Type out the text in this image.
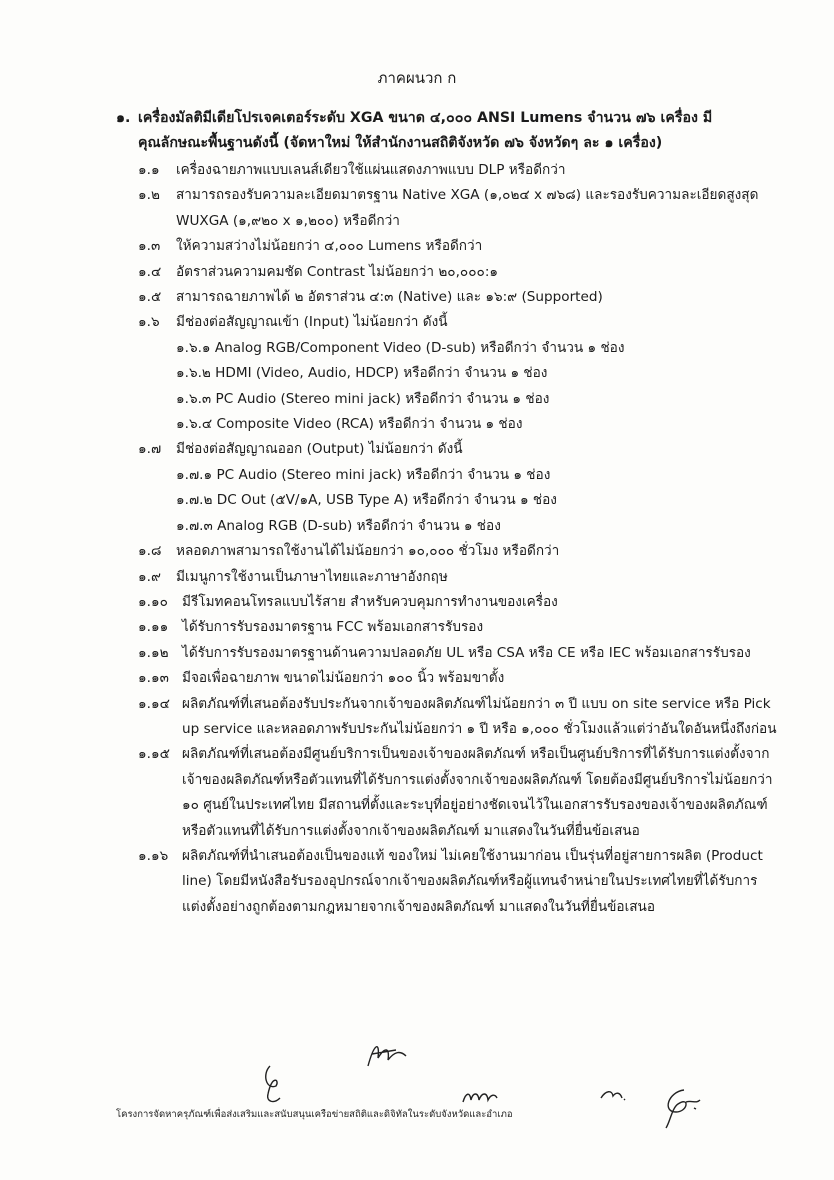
ภาคผนวก ก
๑. เครื่องมัลติมีเดียโปรเจคเตอร์ระดับ XGA ขนาด ๔,๐๐๐ ANSI Lumens จำนวน ๗๖ เครื่อง มีคุณลักษณะพื้นฐานดังนี้ (จัดหาใหม่ ให้สำนักงานสถิติจังหวัด ๗๖ จังหวัดๆ ละ ๑ เครื่อง)
๑.๑ เครื่องฉายภาพแบบเลนส์เดียวใช้แผ่นแสดงภาพแบบ DLP หรือดีกว่า
๑.๒ สามารถรองรับความละเอียดมาตรฐาน Native XGA (๑,๐๒๔ x ๗๖๘) และรองรับความละเอียดสูงสุด WUXGA (๑,๙๒๐ x ๑,๒๐๐) หรือดีกว่า
๑.๓ ให้ความสว่างไม่น้อยกว่า ๔,๐๐๐ Lumens หรือดีกว่า
๑.๔ อัตราส่วนความคมชัด Contrast ไม่น้อยกว่า ๒๐,๐๐๐:๑
๑.๕ สามารถฉายภาพได้ ๒ อัตราส่วน ๔:๓ (Native) และ ๑๖:๙ (Supported)
๑.๖ มีช่องต่อสัญญาณเข้า (Input) ไม่น้อยกว่า ดังนี้
๑.๖.๑ Analog RGB/Component Video (D-sub) หรือดีกว่า จำนวน ๑ ช่อง
๑.๖.๒ HDMI (Video, Audio, HDCP) หรือดีกว่า จำนวน ๑ ช่อง
๑.๖.๓ PC Audio (Stereo mini jack) หรือดีกว่า จำนวน ๑ ช่อง
๑.๖.๔ Composite Video (RCA) หรือดีกว่า จำนวน ๑ ช่อง
๑.๗ มีช่องต่อสัญญาณออก (Output) ไม่น้อยกว่า ดังนี้
๑.๗.๑ PC Audio (Stereo mini jack) หรือดีกว่า จำนวน ๑ ช่อง
๑.๗.๒ DC Out (๕V/๑A, USB Type A) หรือดีกว่า จำนวน ๑ ช่อง
๑.๗.๓ Analog RGB (D-sub) หรือดีกว่า จำนวน ๑ ช่อง
๑.๘ หลอดภาพสามารถใช้งานได้ไม่น้อยกว่า ๑๐,๐๐๐ ชั่วโมง หรือดีกว่า
๑.๙ มีเมนูการใช้งานเป็นภาษาไทยและภาษาอังกฤษ
๑.๑๐ มีรีโมทคอนโทรลแบบไร้สาย สำหรับควบคุมการทำงานของเครื่อง
๑.๑๑ ได้รับการรับรองมาตรฐาน FCC พร้อมเอกสารรับรอง
๑.๑๒ ได้รับการรับรองมาตรฐานด้านความปลอดภัย UL หรือ CSA หรือ CE หรือ IEC พร้อมเอกสารรับรอง
๑.๑๓ มีจอเพื่อฉายภาพ ขนาดไม่น้อยกว่า ๑๐๐ นิ้ว พร้อมขาตั้ง
๑.๑๔ ผลิตภัณฑ์ที่เสนอต้องรับประกันจากเจ้าของผลิตภัณฑ์ไม่น้อยกว่า ๓ ปี แบบ on site service หรือ Pick up service และหลอดภาพรับประกันไม่น้อยกว่า ๑ ปี หรือ ๑,๐๐๐ ชั่วโมงแล้วแต่ว่าอันใดอันหนึ่งถึงก่อน
๑.๑๕ ผลิตภัณฑ์ที่เสนอต้องมีศูนย์บริการเป็นของเจ้าของผลิตภัณฑ์ หรือเป็นศูนย์บริการที่ได้รับการแต่งตั้งจากเจ้าของผลิตภัณฑ์หรือตัวแทนที่ได้รับการแต่งตั้งจากเจ้าของผลิตภัณฑ์ โดยต้องมีศูนย์บริการไม่น้อยกว่า ๑๐ ศูนย์ในประเทศไทย มีสถานที่ตั้งและระบุที่อยู่อย่างชัดเจนไว้ในเอกสารรับรองของเจ้าของผลิตภัณฑ์หรือตัวแทนที่ได้รับการแต่งตั้งจากเจ้าของผลิตภัณฑ์ มาแสดงในวันที่ยื่นข้อเสนอ
๑.๑๖ ผลิตภัณฑ์ที่นำเสนอต้องเป็นของแท้ ของใหม่ ไม่เคยใช้งานมาก่อน เป็นรุ่นที่อยู่สายการผลิต (Product line) โดยมีหนังสือรับรองอุปกรณ์จากเจ้าของผลิตภัณฑ์หรือผู้แทนจำหน่ายในประเทศไทยที่ได้รับการแต่งตั้งอย่างถูกต้องตามกฎหมายจากเจ้าของผลิตภัณฑ์ มาแสดงในวันที่ยื่นข้อเสนอ
โครงการจัดหาครุภัณฑ์เพื่อส่งเสริมและสนับสนุนเครือข่ายสถิติและดิจิทัลในระดับจังหวัดและอำเภอ
